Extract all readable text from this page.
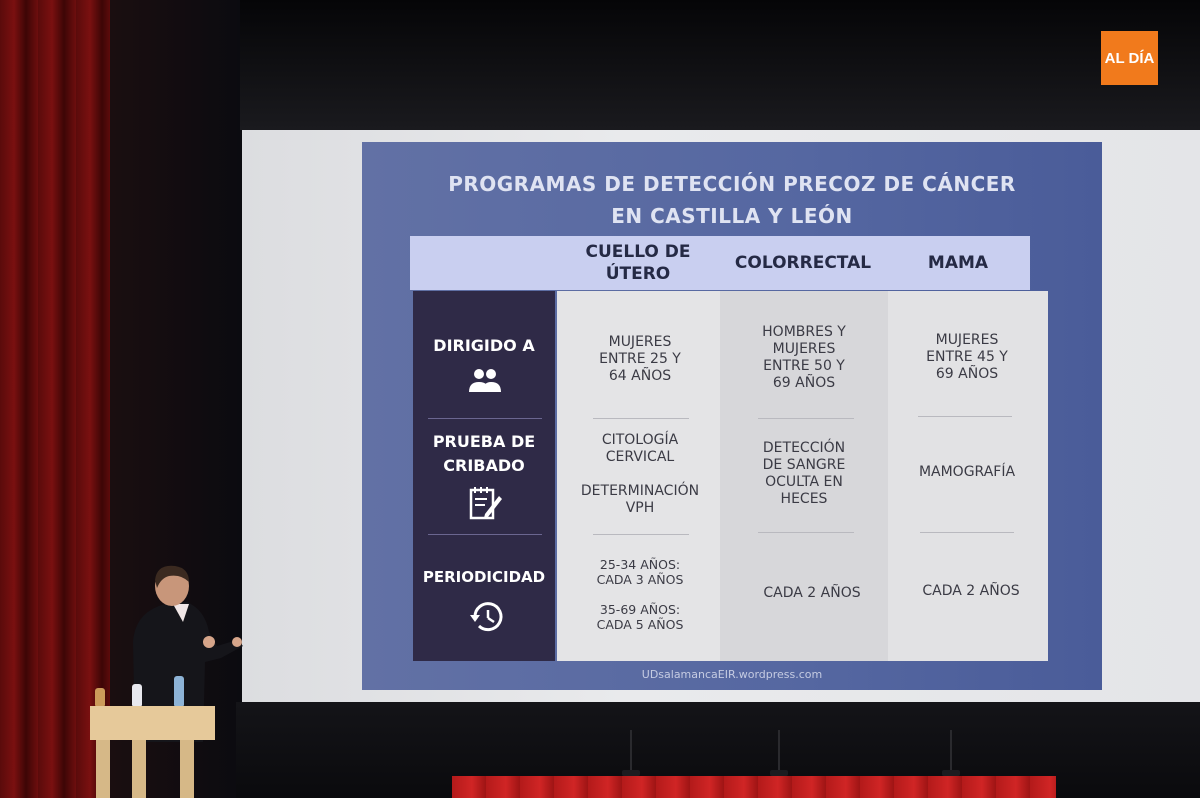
PROGRAMAS DE DETECCIÓN PRECOZ DE CÁNCER
EN CASTILLA Y LEÓN
UDsalamancaEIR.wordpress.com
CUELLO DE
ÚTERO
COLORRECTAL	MAMA
DIRIGIDO A
PRUEBA DE
CRIBADO
PERIODICIDAD
MUJERES
ENTRE 25 Y
64 AÑOS
HOMBRES Y
MUJERES
ENTRE 50 Y
69 AÑOS
MUJERES
ENTRE 45 Y
69 AÑOS
CITOLOGÍA
CERVICAL
DETERMINACIÓN
VPH
DETECCIÓN
DE SANGRE
OCULTA EN
HECES
MAMOGRAFÍA
25-34 AÑOS:
CADA 3 AÑOS
35-69 AÑOS:
CADA 5 AÑOS
CADA 2 AÑOS	CADA 2 AÑOS
AL DÍA
